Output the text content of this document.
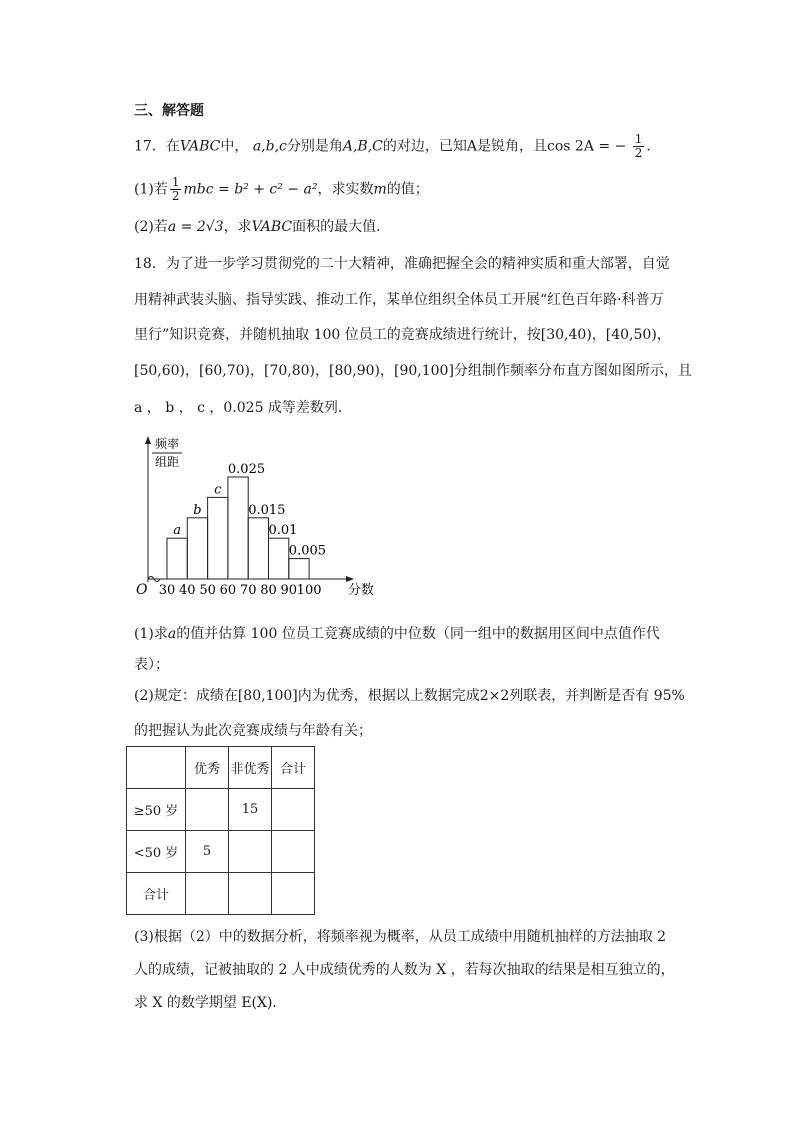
三、解答题
17．在VABC中， a,b,c分别是角A,B,C的对边，已知A是锐角，且cos 2A = − $\frac{1}{2}$ ．
(1)若 $\frac{1}{2}$ mbc = b² + c² − a²，求实数m的值；
(2)若a = 2√3，求VABC面积的最大值．
18．为了进一步学习贯彻党的二十大精神，准确把握全会的精神实质和重大部署，自觉
用精神武装头脑、指导实践、推动工作，某单位组织全体员工开展“红色百年路·科普万
里行”知识竞赛，并随机抽取 100 位员工的竞赛成绩进行统计，按[30,40)，[40,50)，
[50,60)，[60,70)，[70,80)，[80,90)，[90,100]分组制作频率分布直方图如图所示，且
a ， b ， c ，0.025 成等差数列．
频率
组距
O	分数
a
b
c
0.025
0.015
0.01
0.005
30 40 50 60 70 80 90 100
	优秀	非优秀	合计
≥50 岁		15	
<50 岁	5		
合计			
(1)求a的值并估算 100 位员工竞赛成绩的中位数（同一组中的数据用区间中点值作代
表）；
(2)规定：成绩在[80,100]内为优秀，根据以上数据完成2×2列联表，并判断是否有 95%
的把握认为此次竞赛成绩与年龄有关；
(3)根据（2）中的数据分析，将频率视为概率，从员工成绩中用随机抽样的方法抽取 2
人的成绩，记被抽取的 2 人中成绩优秀的人数为 X ，若每次抽取的结果是相互独立的，
求 X 的数学期望 E(X)．
